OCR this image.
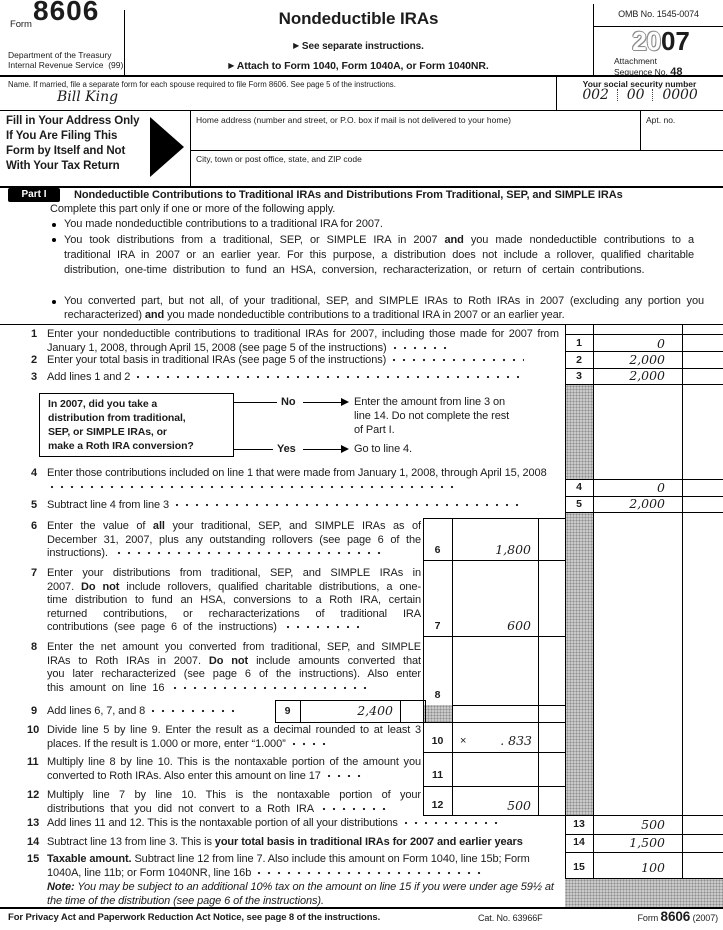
Form 8606
Department of the Treasury
Internal Revenue Service (99)
Nondeductible IRAs
▶ See separate instructions.
▶ Attach to Form 1040, Form 1040A, or Form 1040NR.
OMB No. 1545-0074
2007
Attachment
Sequence No. 48
Name. If married, file a separate form for each spouse required to file Form 8606. See page 5 of the instructions.
Bill King
Your social security number
002 00 0000
Fill in Your Address Only
If You Are Filing This
Form by Itself and Not
With Your Tax Return
Home address (number and street, or P.O. box if mail is not delivered to your home)	Apt. no.
City, town or post office, state, and ZIP code
Part I	Nondeductible Contributions to Traditional IRAs and Distributions From Traditional, SEP, and SIMPLE IRAs
Complete this part only if one or more of the following apply.
You made nondeductible contributions to a traditional IRA for 2007.
You took distributions from a traditional, SEP, or SIMPLE IRA in 2007 and you made nondeductible contributions to a traditional IRA in 2007 or an earlier year. For this purpose, a distribution does not include a rollover, qualified charitable distribution, one-time distribution to fund an HSA, conversion, recharacterization, or return of certain contributions.
You converted part, but not all, of your traditional, SEP, and SIMPLE IRAs to Roth IRAs in 2007 (excluding any portion you recharacterized) and you made nondeductible contributions to a traditional IRA in 2007 or an earlier year.
1 Enter your nondeductible contributions to traditional IRAs for 2007, including those made for 2007 from January 1, 2008, through April 15, 2008 (see page 5 of the instructions)
2 Enter your total basis in traditional IRAs (see page 5 of the instructions)
3 Add lines 1 and 2
In 2007, did you take a
distribution from traditional,
SEP, or SIMPLE IRAs, or
make a Roth IRA conversion?
No	Enter the amount from line 3 on
line 14. Do not complete the rest
of Part I.
Yes	Go to line 4.
4 Enter those contributions included on line 1 that were made from January 1, 2008, through April 15, 2008
5 Subtract line 4 from line 3
6 Enter the value of all your traditional, SEP, and SIMPLE IRAs as of December 31, 2007, plus any outstanding rollovers (see page 6 of the instructions).
7 Enter your distributions from traditional, SEP, and SIMPLE IRAs in 2007. Do not include rollovers, qualified charitable distributions, a one-time distribution to fund an HSA, conversions to a Roth IRA, certain returned contributions, or recharacterizations of traditional IRA contributions (see page 6 of the instructions)
8 Enter the net amount you converted from traditional, SEP, and SIMPLE IRAs to Roth IRAs in 2007. Do not include amounts converted that you later recharacterized (see page 6 of the instructions). Also enter this amount on line 16
9 Add lines 6, 7, and 8
10 Divide line 5 by line 9. Enter the result as a decimal rounded to at least 3 places. If the result is 1.000 or more, enter “1.000”
11 Multiply line 8 by line 10. This is the nontaxable portion of the amount you converted to Roth IRAs. Also enter this amount on line 17
12 Multiply line 7 by line 10. This is the nontaxable portion of your distributions that you did not convert to a Roth IRA
13 Add lines 11 and 12. This is the nontaxable portion of all your distributions
14 Subtract line 13 from line 3. This is your total basis in traditional IRAs for 2007 and earlier years
15 Taxable amount. Subtract line 12 from line 7. Also include this amount on Form 1040, line 15b; Form 1040A, line 11b; or Form 1040NR, line 16b
Note: You may be subject to an additional 10% tax on the amount on line 15 if you were under age 59½ at the time of the distribution (see page 6 of the instructions).
1	0
2	2,000
3	2,000
4	0
5	2,000
6	1,800
7	600
8
9	2,400
10	×	. 833
11
12	500
13	500
14	1,500
15	100
For Privacy Act and Paperwork Reduction Act Notice, see page 8 of the instructions.	Cat. No. 63966F	Form 8606 (2007)
